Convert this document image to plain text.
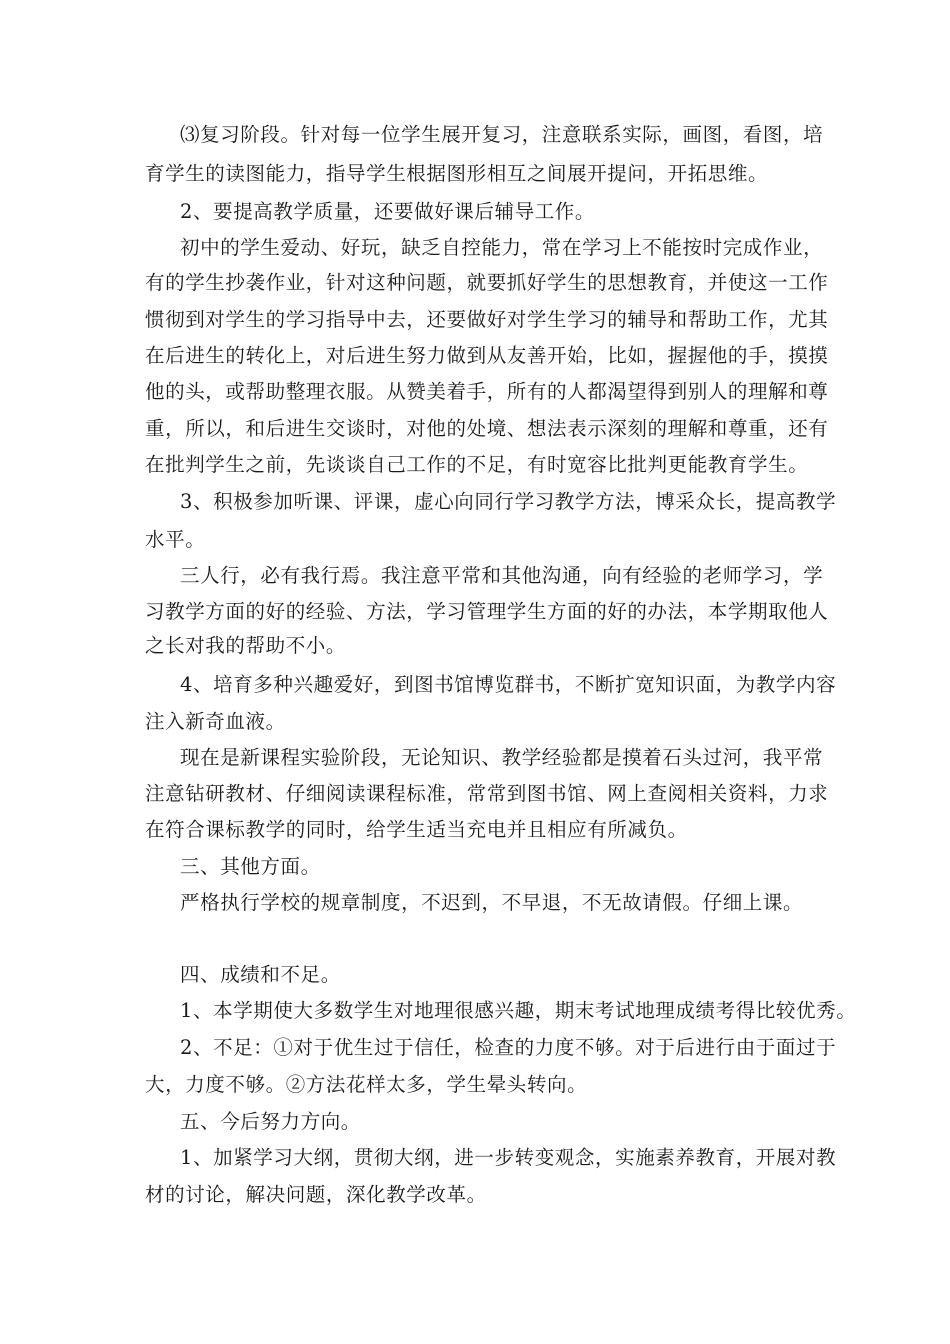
⑶复习阶段。针对每一位学生展开复习，注意联系实际，画图，看图，培
育学生的读图能力，指导学生根据图形相互之间展开提问，开拓思维。
2、要提高教学质量，还要做好课后辅导工作。
初中的学生爱动、好玩，缺乏自控能力，常在学习上不能按时完成作业，
有的学生抄袭作业，针对这种问题，就要抓好学生的思想教育，并使这一工作
惯彻到对学生的学习指导中去，还要做好对学生学习的辅导和帮助工作，尤其
在后进生的转化上，对后进生努力做到从友善开始，比如，握握他的手，摸摸
他的头，或帮助整理衣服。从赞美着手，所有的人都渴望得到别人的理解和尊
重，所以，和后进生交谈时，对他的处境、想法表示深刻的理解和尊重，还有
在批判学生之前，先谈谈自己工作的不足，有时宽容比批判更能教育学生。
3、积极参加听课、评课，虚心向同行学习教学方法，博采众长，提高教学
水平。
三人行，必有我行焉。我注意平常和其他沟通，向有经验的老师学习，学
习教学方面的好的经验、方法，学习管理学生方面的好的办法，本学期取他人
之长对我的帮助不小。
4、培育多种兴趣爱好，到图书馆博览群书，不断扩宽知识面，为教学内容
注入新奇血液。
现在是新课程实验阶段，无论知识、教学经验都是摸着石头过河，我平常
注意钻研教材、仔细阅读课程标准，常常到图书馆、网上查阅相关资料，力求
在符合课标教学的同时，给学生适当充电并且相应有所减负。
三、其他方面。
严格执行学校的规章制度，不迟到，不早退，不无故请假。仔细上课。
四、成绩和不足。
1、本学期使大多数学生对地理很感兴趣，期末考试地理成绩考得比较优秀。
2、不足：①对于优生过于信任，检查的力度不够。对于后进行由于面过于
大，力度不够。②方法花样太多，学生晕头转向。
五、今后努力方向。
1、加紧学习大纲，贯彻大纲，进一步转变观念，实施素养教育，开展对教
材的讨论，解决问题，深化教学改革。
